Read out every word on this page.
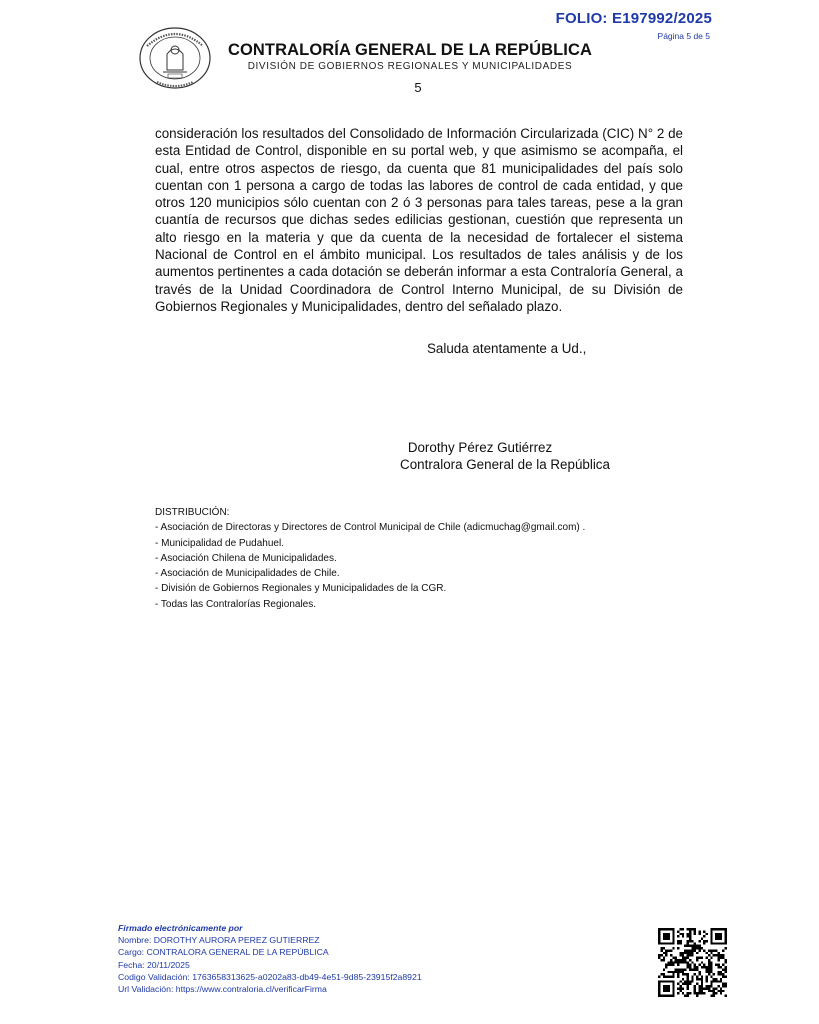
FOLIO: E197992/2025
Página 5 de 5
CONTRALORÍA GENERAL DE LA REPÚBLICA
DIVISIÓN DE GOBIERNOS REGIONALES Y MUNICIPALIDADES
5
consideración los resultados del Consolidado de Información Circularizada (CIC) N° 2 de esta Entidad de Control, disponible en su portal web, y que asimismo se acompaña, el cual, entre otros aspectos de riesgo, da cuenta que 81 municipalidades del país solo cuentan con 1 persona a cargo de todas las labores de control de cada entidad, y que otros 120 municipios sólo cuentan con 2 ó 3 personas para tales tareas, pese a la gran cuantía de recursos que dichas sedes edilicias gestionan, cuestión que representa un alto riesgo en la materia y que da cuenta de la necesidad de fortalecer el sistema Nacional de Control en el ámbito municipal. Los resultados de tales análisis y de los aumentos pertinentes a cada dotación se deberán informar a esta Contraloría General, a través de la Unidad Coordinadora de Control Interno Municipal, de su División de Gobiernos Regionales y Municipalidades, dentro del señalado plazo.
Saluda atentamente a Ud.,
Dorothy Pérez Gutiérrez
Contralora General de la República
DISTRIBUCIÓN:
- Asociación de Directoras y Directores de Control Municipal de Chile (adicmuchag@gmail.com) .
- Municipalidad de Pudahuel.
- Asociación Chilena de Municipalidades.
- Asociación de Municipalidades de Chile.
- División de Gobiernos Regionales y Municipalidades de la CGR.
- Todas las Contralorías Regionales.
Firmado electrónicamente por
Nombre: DOROTHY AURORA PEREZ GUTIERREZ
Cargo: CONTRALORA GENERAL DE LA REPÚBLICA
Fecha: 20/11/2025
Codigo Validación: 1763658313625-a0202a83-db49-4e51-9d85-23915f2a8921
Url Validación: https://www.contraloria.cl/verificarFirma
